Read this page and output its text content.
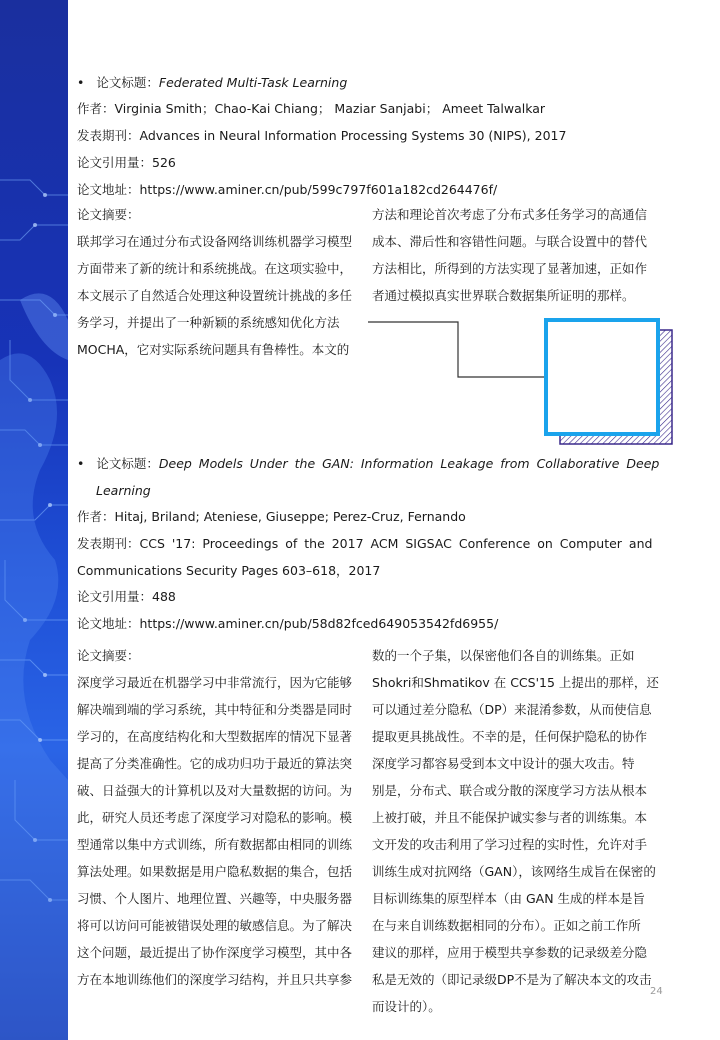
• 论文标题：Federated Multi-Task Learning
作者：Virginia Smith；Chao-Kai Chiang； Maziar Sanjabi； Ameet Talwalkar
发表期刊：Advances in Neural Information Processing Systems 30 (NIPS), 2017
论文引用量：526
论文地址：https://www.aminer.cn/pub/599c797f601a182cd264476f/
论文摘要：
联邦学习在通过分布式设备网络训练机器学习模型
方面带来了新的统计和系统挑战。在这项实验中，
本文展示了自然适合处理这种设置统计挑战的多任
务学习，并提出了一种新颖的系统感知优化方法
MOCHA，它对实际系统问题具有鲁棒性。本文的
方法和理论首次考虑了分布式多任务学习的高通信
成本、滞后性和容错性问题。与联合设置中的替代
方法相比，所得到的方法实现了显著加速，正如作
者通过模拟真实世界联合数据集所证明的那样。
• 论文标题：Deep Models Under the GAN: Information Leakage from Collaborative Deep
Learning
作者：Hitaj, Briland; Ateniese, Giuseppe; Perez-Cruz, Fernando
发表期刊：CCS '17: Proceedings of the 2017 ACM SIGSAC Conference on Computer and
Communications Security Pages 603–618，2017
论文引用量：488
论文地址：https://www.aminer.cn/pub/58d82fced649053542fd6955/
论文摘要：
深度学习最近在机器学习中非常流行，因为它能够
解决端到端的学习系统，其中特征和分类器是同时
学习的，在高度结构化和大型数据库的情况下显著
提高了分类准确性。它的成功归功于最近的算法突
破、日益强大的计算机以及对大量数据的访问。为
此，研究人员还考虑了深度学习对隐私的影响。模
型通常以集中方式训练，所有数据都由相同的训练
算法处理。如果数据是用户隐私数据的集合，包括
习惯、个人图片、地理位置、兴趣等，中央服务器
将可以访问可能被错误处理的敏感信息。为了解决
这个问题，最近提出了协作深度学习模型，其中各
方在本地训练他们的深度学习结构，并且只共享参
数的一个子集，以保密他们各自的训练集。正如
Shokri和Shmatikov 在 CCS'15 上提出的那样，还
可以通过差分隐私（DP）来混淆参数，从而使信息
提取更具挑战性。不幸的是，任何保护隐私的协作
深度学习都容易受到本文中设计的强大攻击。特
别是，分布式、联合或分散的深度学习方法从根本
上被打破，并且不能保护诚实参与者的训练集。本
文开发的攻击利用了学习过程的实时性，允许对手
训练生成对抗网络（GAN），该网络生成旨在保密的
目标训练集的原型样本（由 GAN 生成的样本是旨
在与来自训练数据相同的分布）。正如之前工作所
建议的那样，应用于模型共享参数的记录级差分隐
私是无效的（即记录级DP不是为了解决本文的攻击
而设计的）。
24
